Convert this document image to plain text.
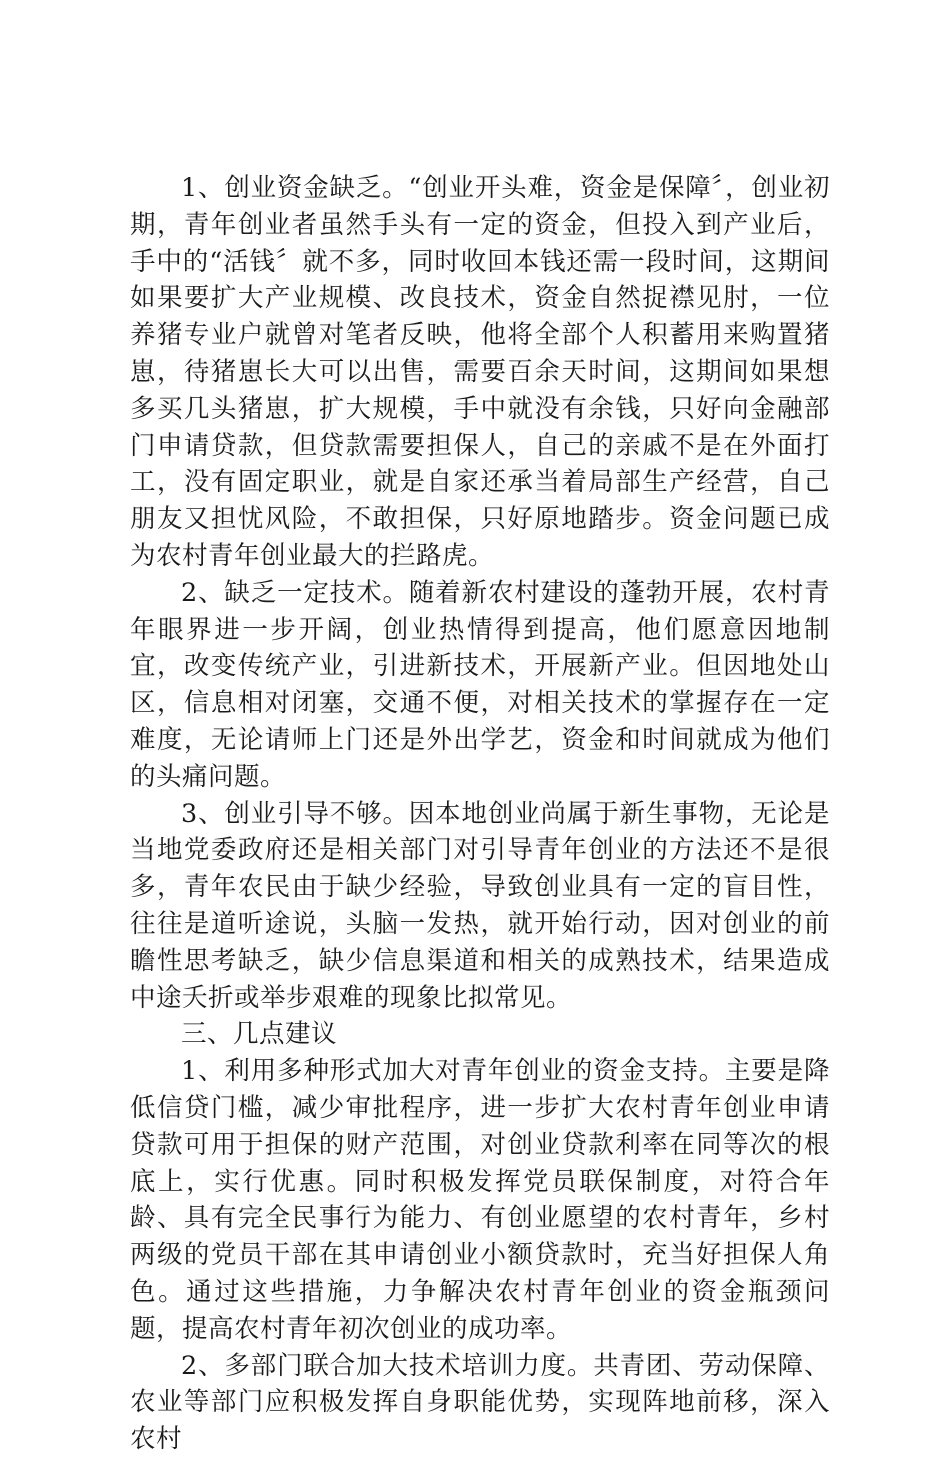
1、创业资金缺乏。“创业开头难，资金是保障〞，创业初期，青年创业者虽然手头有一定的资金，但投入到产业后，手中的“活钱〞就不多，同时收回本钱还需一段时间，这期间如果要扩大产业规模、改良技术，资金自然捉襟见肘，一位养猪专业户就曾对笔者反映，他将全部个人积蓄用来购置猪崽，待猪崽长大可以出售，需要百余天时间，这期间如果想多买几头猪崽，扩大规模，手中就没有余钱，只好向金融部门申请贷款，但贷款需要担保人，自己的亲戚不是在外面打工，没有固定职业，就是自家还承当着局部生产经营，自己朋友又担忧风险，不敢担保，只好原地踏步。资金问题已成为农村青年创业最大的拦路虎。

2、缺乏一定技术。随着新农村建设的蓬勃开展，农村青年眼界进一步开阔，创业热情得到提高，他们愿意因地制宜，改变传统产业，引进新技术，开展新产业。但因地处山区，信息相对闭塞，交通不便，对相关技术的掌握存在一定难度，无论请师上门还是外出学艺，资金和时间就成为他们的头痛问题。

3、创业引导不够。因本地创业尚属于新生事物，无论是当地党委政府还是相关部门对引导青年创业的方法还不是很多，青年农民由于缺少经验，导致创业具有一定的盲目性，往往是道听途说，头脑一发热，就开始行动，因对创业的前瞻性思考缺乏，缺少信息渠道和相关的成熟技术，结果造成中途夭折或举步艰难的现象比拟常见。

三、几点建议

1、利用多种形式加大对青年创业的资金支持。主要是降低信贷门槛，减少审批程序，进一步扩大农村青年创业申请贷款可用于担保的财产范围，对创业贷款利率在同等次的根底上，实行优惠。同时积极发挥党员联保制度，对符合年龄、具有完全民事行为能力、有创业愿望的农村青年，乡村两级的党员干部在其申请创业小额贷款时，充当好担保人角色。通过这些措施，力争解决农村青年创业的资金瓶颈问题，提高农村青年初次创业的成功率。

2、多部门联合加大技术培训力度。共青团、劳动保障、农业等部门应积极发挥自身职能优势，实现阵地前移，深入农村
